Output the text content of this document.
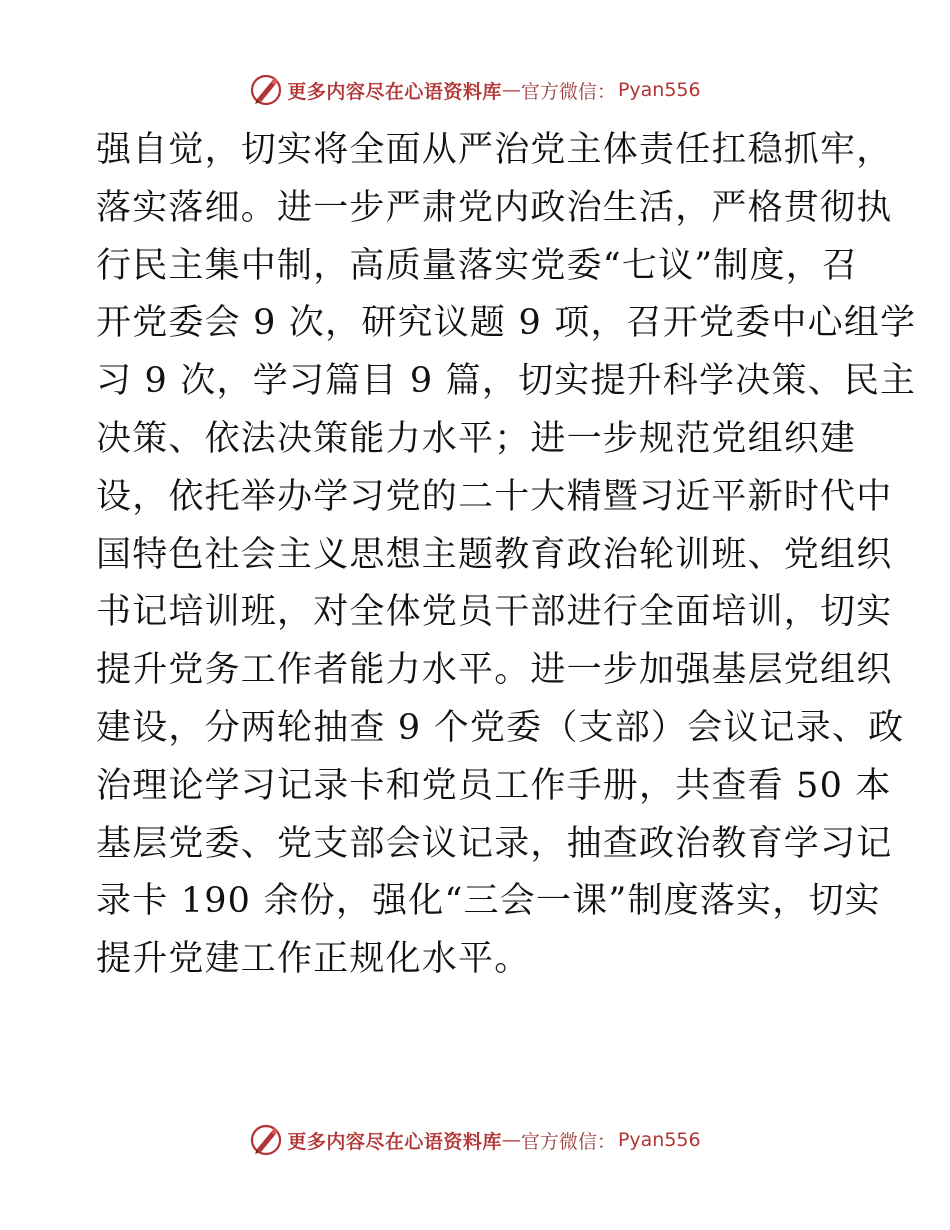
更多内容尽在心语资料库 — 官方微信： Pyan556
强自觉，切实将全面从严治党主体责任扛稳抓牢，
落实落细。进一步严肃党内政治生活，严格贯彻执
行民主集中制，高质量落实党委“七议”制度，召
开党委会 9 次，研究议题 9 项，召开党委中心组学
习 9 次，学习篇目 9 篇，切实提升科学决策、民主
决策、依法决策能力水平；进一步规范党组织建
设，依托举办学习党的二十大精暨习近平新时代中
国特色社会主义思想主题教育政治轮训班、党组织
书记培训班，对全体党员干部进行全面培训，切实
提升党务工作者能力水平。进一步加强基层党组织
建设，分两轮抽查 9 个党委（支部）会议记录、政
治理论学习记录卡和党员工作手册，共查看 50 本
基层党委、党支部会议记录，抽查政治教育学习记
录卡 190 余份，强化“三会一课”制度落实，切实
提升党建工作正规化水平。
更多内容尽在心语资料库 — 官方微信： Pyan556
